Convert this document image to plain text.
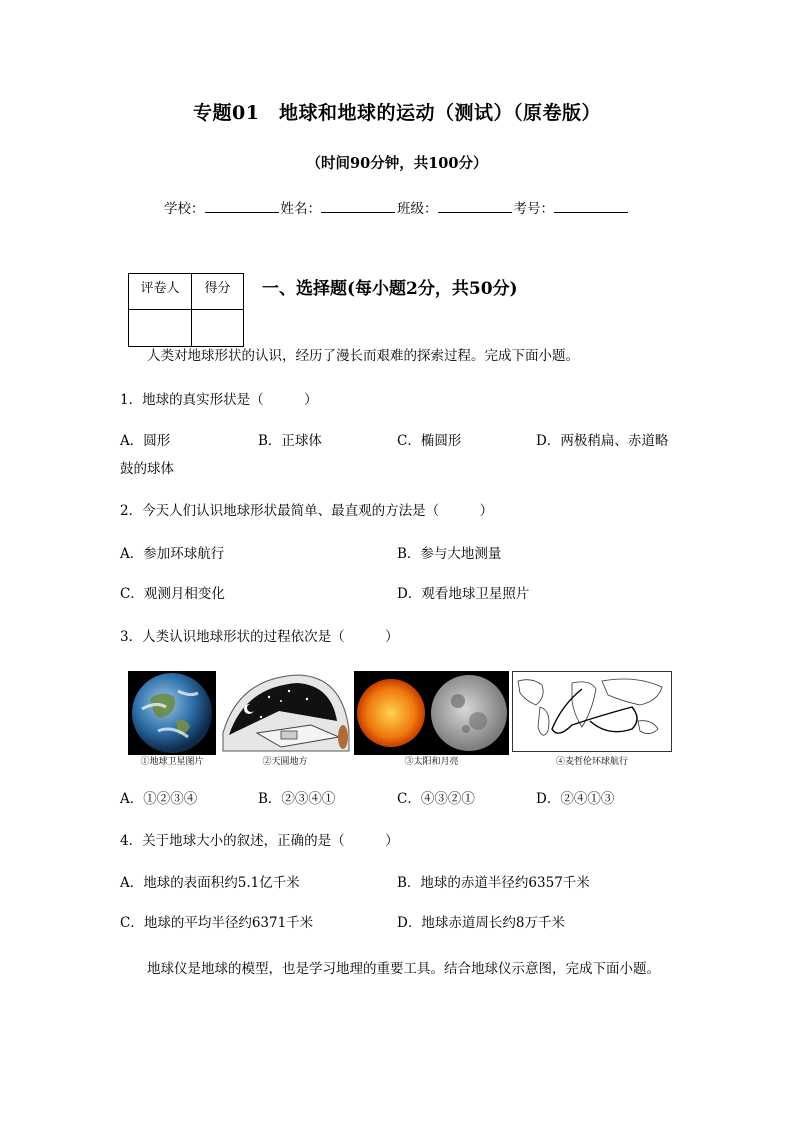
专题01　地球和地球的运动（测试）（原卷版）
（时间90分钟，共100分）
学校：	姓名：	班级：	考号：
评卷人	得分
	一、选择题(每小题2分，共50分)
人类对地球形状的认识，经历了漫长而艰难的探索过程。完成下面小题。
1．地球的真实形状是（　　　）
A．圆形	B．正球体	C．椭圆形	D．两极稍扁、赤道略
鼓的球体
2．今天人们认识地球形状最简单、最直观的方法是（　　　）
A．参加环球航行	B．参与大地测量
C．观测月相变化	D．观看地球卫星照片
3．人类认识地球形状的过程依次是（　　　）
①地球卫星图片	②天圆地方	③太阳和月亮	④麦哲伦环球航行
A．①②③④	B．②③④①	C．④③②①	D．②④①③
4．关于地球大小的叙述，正确的是（　　　）
A．地球的表面积约5.1亿千米	B．地球的赤道半径约6357千米
C．地球的平均半径约6371千米	D．地球赤道周长约8万千米
地球仪是地球的模型，也是学习地理的重要工具。结合地球仪示意图，完成下面小题。
